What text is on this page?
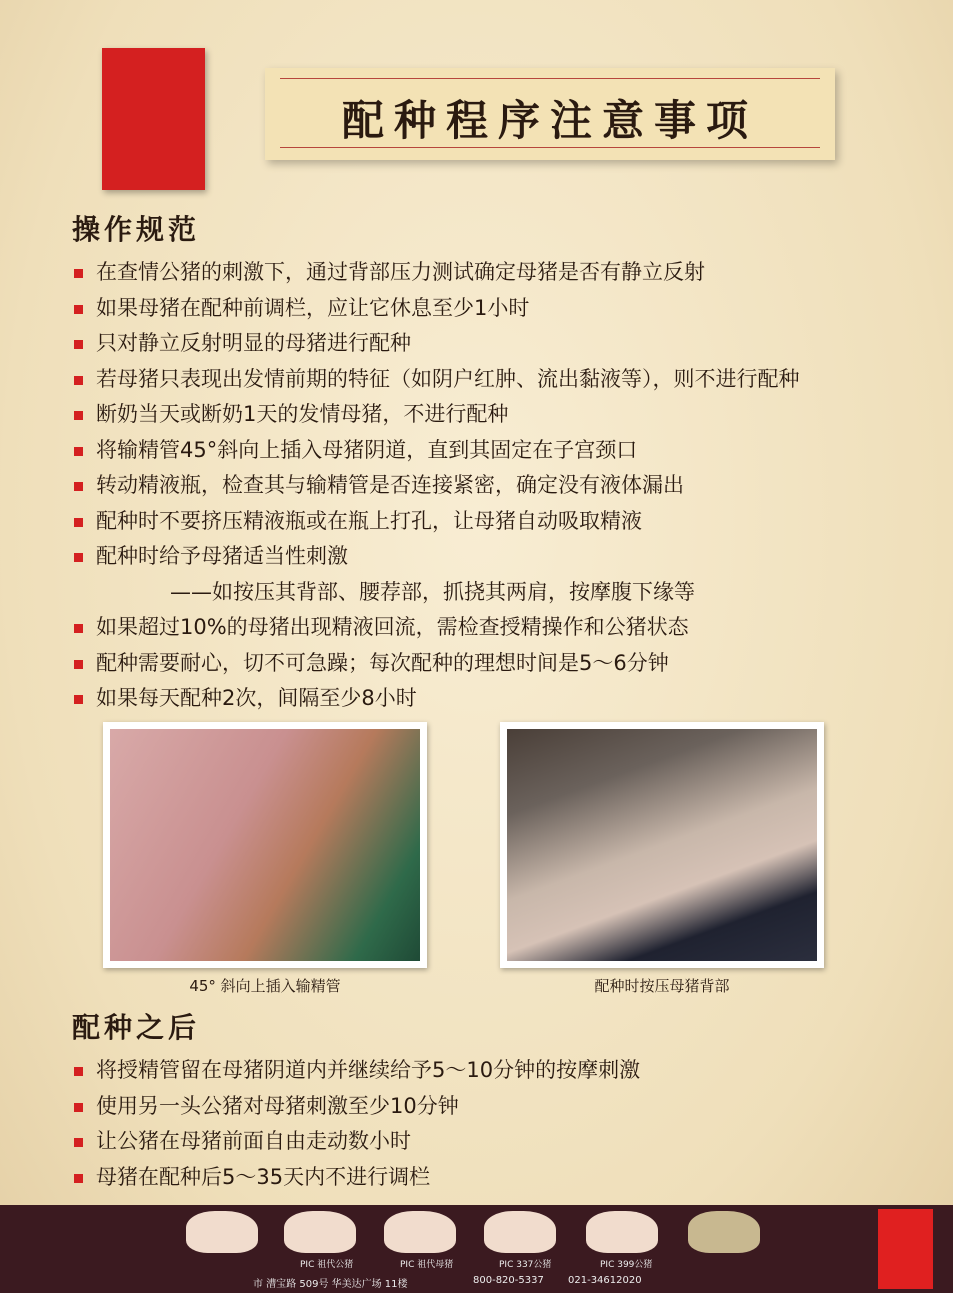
配种程序注意事项
操作规范
在查情公猪的刺激下，通过背部压力测试确定母猪是否有静立反射
如果母猪在配种前调栏，应让它休息至少1小时
只对静立反射明显的母猪进行配种
若母猪只表现出发情前期的特征（如阴户红肿、流出黏液等），则不进行配种
断奶当天或断奶1天的发情母猪，不进行配种
将输精管45°斜向上插入母猪阴道，直到其固定在子宫颈口
转动精液瓶，检查其与输精管是否连接紧密，确定没有液体漏出
配种时不要挤压精液瓶或在瓶上打孔，让母猪自动吸取精液
配种时给予母猪适当性刺激
——如按压其背部、腰荐部，抓挠其两肩，按摩腹下缘等
如果超过10%的母猪出现精液回流，需检查授精操作和公猪状态
配种需要耐心，切不可急躁；每次配种的理想时间是5～6分钟
如果每天配种2次，间隔至少8小时
45° 斜向上插入输精管	配种时按压母猪背部
配种之后
将授精管留在母猪阴道内并继续给予5～10分钟的按摩刺激
使用另一头公猪对母猪刺激至少10分钟
让公猪在母猪前面自由走动数小时
母猪在配种后5～35天内不进行调栏
PIC 祖代公猪	PIC 祖代母猪	PIC 337公猪	PIC 399公猪
市 漕宝路 509号 华美达广场 11楼	800-820-5337 021-34612020
